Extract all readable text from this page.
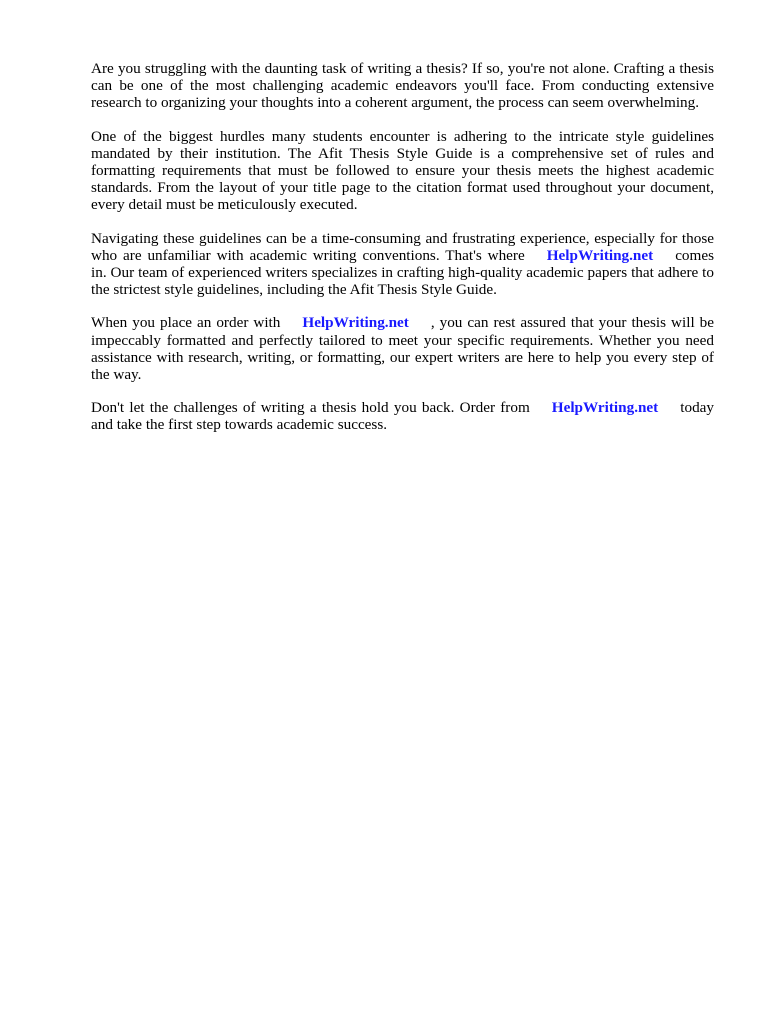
Are you struggling with the daunting task of writing a thesis? If so, you're not alone. Crafting a thesis can be one of the most challenging academic endeavors you'll face. From conducting extensive research to organizing your thoughts into a coherent argument, the process can seem overwhelming.

One of the biggest hurdles many students encounter is adhering to the intricate style guidelines mandated by their institution. The Afit Thesis Style Guide is a comprehensive set of rules and formatting requirements that must be followed to ensure your thesis meets the highest academic standards. From the layout of your title page to the citation format used throughout your document, every detail must be meticulously executed.

Navigating these guidelines can be a time-consuming and frustrating experience, especially for those who are unfamiliar with academic writing conventions. That's where HelpWriting.net comes in. Our team of experienced writers specializes in crafting high-quality academic papers that adhere to the strictest style guidelines, including the Afit Thesis Style Guide.

When you place an order with HelpWriting.net , you can rest assured that your thesis will be impeccably formatted and perfectly tailored to meet your specific requirements. Whether you need assistance with research, writing, or formatting, our expert writers are here to help you every step of the way.

Don't let the challenges of writing a thesis hold you back. Order from HelpWriting.net today and take the first step towards academic success.
